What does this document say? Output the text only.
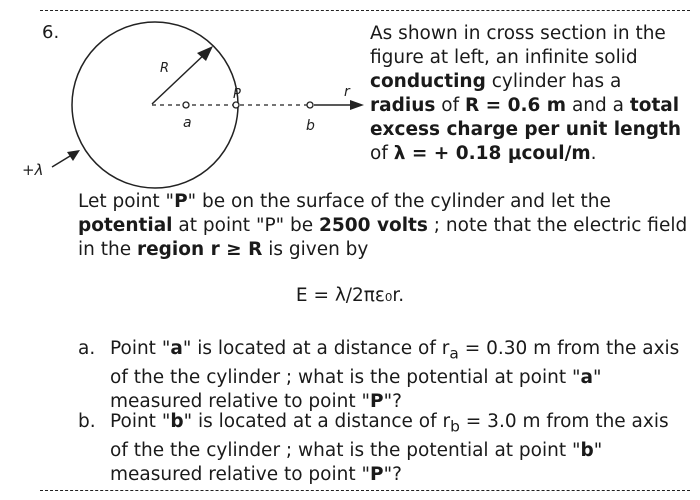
6.
R
P	r
a	b
+λ
As shown in cross section in the figure at left, an infinite solid conducting cylinder has a radius of R = 0.6 m and a total excess charge per unit length of λ = + 0.18 μcoul/m.
Let point "P" be on the surface of the cylinder and let the potential at point "P" be 2500 volts ; note that the electric field in the region r ≥ R is given by
E = λ/2πε₀r.
a. Point "a" is located at a distance of $r_a = 0.30$ m from the axis of the the cylinder ; what is the potential at point "a" measured relative to point "P"?
b. Point "b" is located at a distance of $r_b = 3.0$ m from the axis of the the cylinder ; what is the potential at point "b" measured relative to point "P"?
